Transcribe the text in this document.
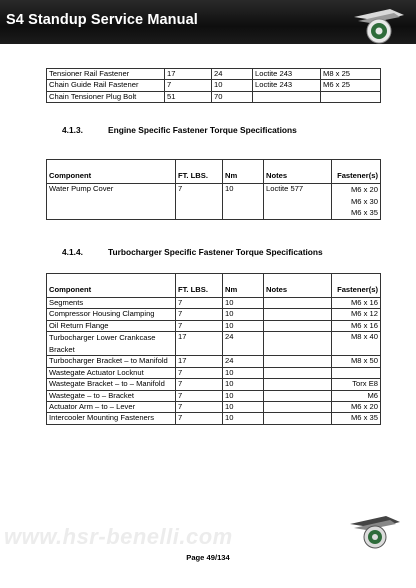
S4 Standup Service Manual
Tensioner Rail Fastener	17	24	Loctite 243	M8 x 25
Chain Guide Rail Fastener	7	10	Loctite 243	M6 x 25
Chain Tensioner Plug Bolt	51	70		
4.1.3.	Engine Specific Fastener Torque Specifications
Component	FT. LBS.	Nm	Notes	Fastener(s)
Water Pump Cover	7	10	Loctite 577	M6 x 20
M6 x 30
M6 x 35
4.1.4.	Turbocharger Specific Fastener Torque Specifications
Component	FT. LBS.	Nm	Notes	Fastener(s)
Segments	7	10		M6 x 16
Compressor Housing Clamping	7	10		M6 x 12
Oil Return Flange	7	10		M6 x 16
Turbocharger Lower Crankcase Bracket	17	24		M8 x 40
Turbocharger Bracket – to Manifold	17	24		M8 x 50
Wastegate Actuator Locknut	7	10		
Wastegate Bracket – to – Manifold	7	10		Torx E8
Wastegate – to – Bracket	7	10		M6
Actuator Arm – to – Lever	7	10		M6 x 20
Intercooler Mounting Fasteners	7	10		M6 x 35
www.hsr-benelli.com
Page 49/134
